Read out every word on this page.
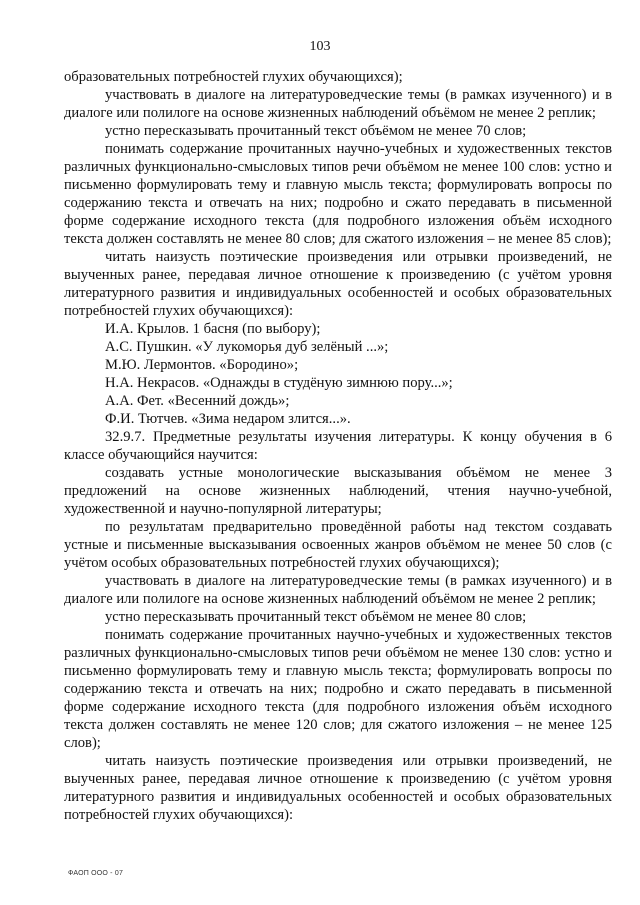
103

образовательных потребностей глухих обучающихся);

участвовать в диалоге на литературоведческие темы (в рамках изученного) и в диалоге или полилоге на основе жизненных наблюдений объёмом не менее 2 реплик;

устно пересказывать прочитанный текст объёмом не менее 70 слов;

понимать содержание прочитанных научно-учебных и художественных текстов различных функционально-смысловых типов речи объёмом не менее 100 слов: устно и письменно формулировать тему и главную мысль текста; формулировать вопросы по содержанию текста и отвечать на них; подробно и сжато передавать в письменной форме содержание исходного текста (для подробного изложения объём исходного текста должен составлять не менее 80 слов; для сжатого изложения – не менее 85 слов);

читать наизусть поэтические произведения или отрывки произведений, не выученных ранее, передавая личное отношение к произведению (с учётом уровня литературного развития и индивидуальных особенностей и особых образовательных потребностей глухих обучающихся):

И.А. Крылов. 1 басня (по выбору);

А.С. Пушкин. «У лукоморья дуб зелёный ...»;

М.Ю. Лермонтов. «Бородино»;

Н.А. Некрасов. «Однажды в студёную зимнюю пору...»;

А.А. Фет. «Весенний дождь»;

Ф.И. Тютчев. «Зима недаром злится...».

32.9.7. Предметные результаты изучения литературы. К концу обучения в 6 классе обучающийся научится:

создавать устные монологические высказывания объёмом не менее 3 предложений на основе жизненных наблюдений, чтения научно-учебной, художественной и научно-популярной литературы;

по результатам предварительно проведённой работы над текстом создавать устные и письменные высказывания освоенных жанров объёмом не менее 50 слов (с учётом особых образовательных потребностей глухих обучающихся);

участвовать в диалоге на литературоведческие темы (в рамках изученного) и в диалоге или полилоге на основе жизненных наблюдений объёмом не менее 2 реплик;

устно пересказывать прочитанный текст объёмом не менее 80 слов;

понимать содержание прочитанных научно-учебных и художественных текстов различных функционально-смысловых типов речи объёмом не менее 130 слов: устно и письменно формулировать тему и главную мысль текста; формулировать вопросы по содержанию текста и отвечать на них; подробно и сжато передавать в письменной форме содержание исходного текста (для подробного изложения объём исходного текста должен составлять не менее 120 слов; для сжатого изложения – не менее 125 слов);

читать наизусть поэтические произведения или отрывки произведений, не выученных ранее, передавая личное отношение к произведению (с учётом уровня литературного развития и индивидуальных особенностей и особых образовательных потребностей глухих обучающихся):

ФАОП ООО - 07
